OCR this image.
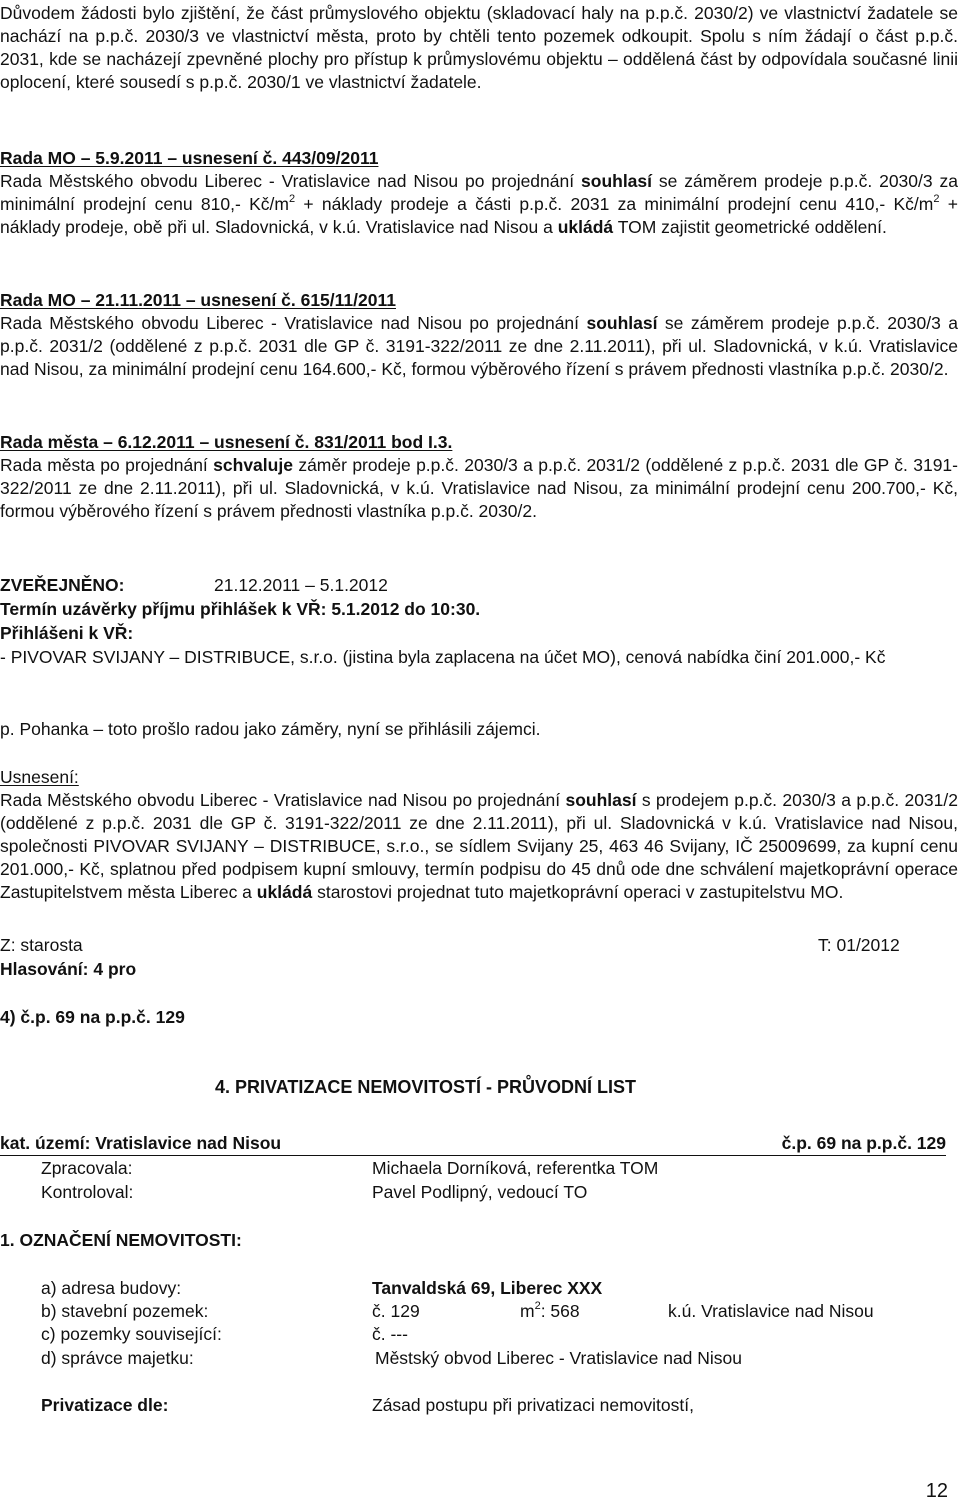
Důvodem žádosti bylo zjištění, že část průmyslového objektu (skladovací haly na p.p.č. 2030/2) ve vlastnictví žadatele se nachází na p.p.č. 2030/3 ve vlastnictví města, proto by chtěli tento pozemek odkoupit. Spolu s ním žádají o část p.p.č. 2031, kde se nacházejí zpevněné plochy pro přístup k průmyslovému objektu – oddělená část by odpovídala současné linii oplocení, které sousedí s p.p.č. 2030/1 ve vlastnictví žadatele.

Rada MO – 5.9.2011 – usnesení č. 443/09/2011

Rada Městského obvodu Liberec - Vratislavice nad Nisou po projednání souhlasí se záměrem prodeje p.p.č. 2030/3 za minimální prodejní cenu 810,- $Kč/m^2$ + náklady prodeje a části p.p.č. 2031 za minimální prodejní cenu 410,- $Kč/m^2$ + náklady prodeje, obě při ul. Sladovnická, v k.ú. Vratislavice nad Nisou a ukládá TOM zajistit geometrické oddělení.

Rada MO – 21.11.2011 – usnesení č. 615/11/2011

Rada Městského obvodu Liberec - Vratislavice nad Nisou po projednání souhlasí se záměrem prodeje p.p.č. 2030/3 a p.p.č. 2031/2 (oddělené z p.p.č. 2031 dle GP č. 3191-322/2011 ze dne 2.11.2011), při ul. Sladovnická, v k.ú. Vratislavice nad Nisou, za minimální prodejní cenu 164.600,- Kč, formou výběrového řízení s právem přednosti vlastníka p.p.č. 2030/2.

Rada města – 6.12.2011 – usnesení č. 831/2011 bod I.3.

Rada města po projednání schvaluje záměr prodeje p.p.č. 2030/3 a p.p.č. 2031/2 (oddělené z p.p.č. 2031 dle GP č. 3191-322/2011 ze dne 2.11.2011), při ul. Sladovnická, v k.ú. Vratislavice nad Nisou, za minimální prodejní cenu 200.700,- Kč, formou výběrového řízení s právem přednosti vlastníka p.p.č. 2030/2.

ZVEŘEJNĚNO:	21.12.2011 – 5.1.2012
Termín uzávěrky příjmu přihlášek k VŘ: 5.1.2012 do 10:30.
Přihlášeni k VŘ:

- PIVOVAR SVIJANY – DISTRIBUCE, s.r.o. (jistina byla zaplacena na účet MO), cenová nabídka činí 201.000,- Kč

p. Pohanka – toto prošlo radou jako záměry, nyní se přihlásili zájemci.
Usnesení:

Rada Městského obvodu Liberec - Vratislavice nad Nisou po projednání souhlasí s prodejem p.p.č. 2030/3 a p.p.č. 2031/2 (oddělené z p.p.č. 2031 dle GP č. 3191-322/2011 ze dne 2.11.2011), při ul. Sladovnická v k.ú. Vratislavice nad Nisou, společnosti PIVOVAR SVIJANY – DISTRIBUCE, s.r.o., se sídlem Svijany 25, 463 46 Svijany, IČ 25009699, za kupní cenu 201.000,- Kč, splatnou před podpisem kupní smlouvy, termín podpisu do 45 dnů ode dne schválení majetkoprávní operace Zastupitelstvem města Liberec a ukládá starostovi projednat tuto majetkoprávní operaci v zastupitelstvu MO.

Z: starosta	T: 01/2012
Hlasování: 4 pro
4) č.p. 69 na p.p.č. 129
4. PRIVATIZACE NEMOVITOSTÍ - PRŮVODNÍ LIST
kat. území: Vratislavice nad Nisou	č.p. 69 na p.p.č. 129
Zpracovala:	Michaela Dorníková, referentka TOM
Kontroloval:	Pavel Podlipný, vedoucí TO
1. OZNAČENÍ NEMOVITOSTI:
a) adresa budovy:	Tanvaldská 69, Liberec XXX
b) stavební pozemek:	č. 129	$m^2$: 568	k.ú. Vratislavice nad Nisou
c) pozemky související:	č. ---
d) správce majetku:	Městský obvod Liberec - Vratislavice nad Nisou
Privatizace dle:	Zásad postupu při privatizaci nemovitostí,
12
